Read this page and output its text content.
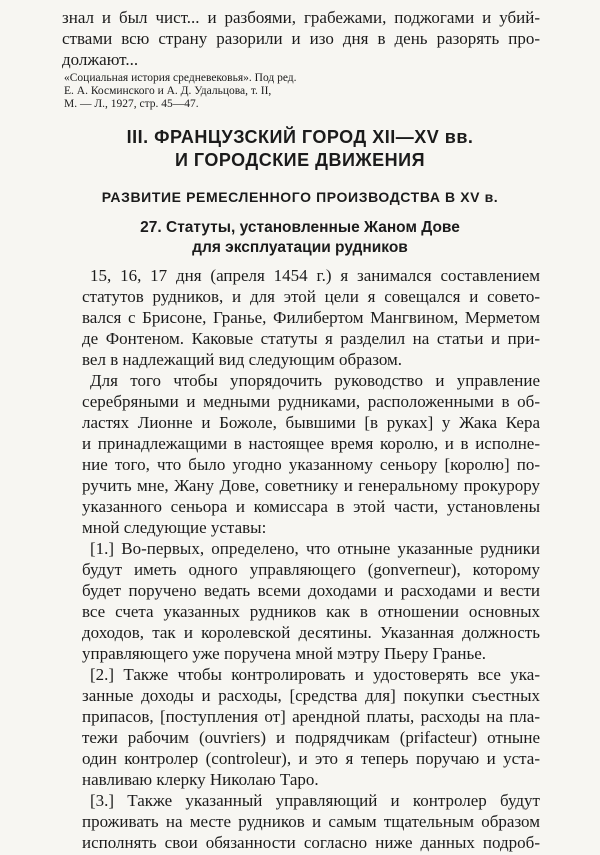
знал и был чист... и разбоями, грабежами, поджогами и убий-

ствами всю страну разорили и изо дня в день разорять про-

должают...

«Социальная история средневековья». Под ред.
Е. А. Косминского и А. Д. Удальцова, т. II,
М. — Л., 1927, стр. 45—47.
III. ФРАНЦУЗСКИЙ ГОРОД XII—XV вв.
И ГОРОДСКИЕ ДВИЖЕНИЯ
РАЗВИТИЕ РЕМЕСЛЕННОГО ПРОИЗВОДСТВА В XV в.
27. Статуты, установленные Жаном Дове
для эксплуатации рудников

15, 16, 17 дня (апреля 1454 г.) я занимался составлением

статутов рудников, и для этой цели я совещался и совето-

вался с Брисоне, Гранье, Филибертом Мангвином, Мерметом

де Фонтеном. Каковые статуты я разделил на статьи и при-

вел в надлежащий вид следующим образом.

Для того чтобы упорядочить руководство и управление

серебряными и медными рудниками, расположенными в об-

ластях Лионне и Божоле, бывшими [в руках] у Жака Кера

и принадлежащими в настоящее время королю, и в исполне-

ние того, что было угодно указанному сеньору [королю] по-

ручить мне, Жану Дове, советнику и генеральному прокурору

указанного сеньора и комиссара в этой части, установлены

мной следующие уставы:

[1.] Во-первых, определено, что отныне указанные рудники

будут иметь одного управляющего (gonverneur), которому

будет поручено ведать всеми доходами и расходами и вести

все счета указанных рудников как в отношении основных

доходов, так и королевской десятины. Указанная должность

управляющего уже поручена мной мэтру Пьеру Гранье.

[2.] Также чтобы контролировать и удостоверять все ука-

занные доходы и расходы, [средства для] покупки съестных

припасов, [поступления от] арендной платы, расходы на пла-

тежи рабочим (ouvriers) и подрядчикам (prifacteur) отныне

один контролер (controleur), и это я теперь поручаю и уста-

навливаю клерку Николаю Таро.

[3.] Также указанный управляющий и контролер будут

проживать на месте рудников и самым тщательным образом

исполнять свои обязанности согласно ниже данных подроб-
